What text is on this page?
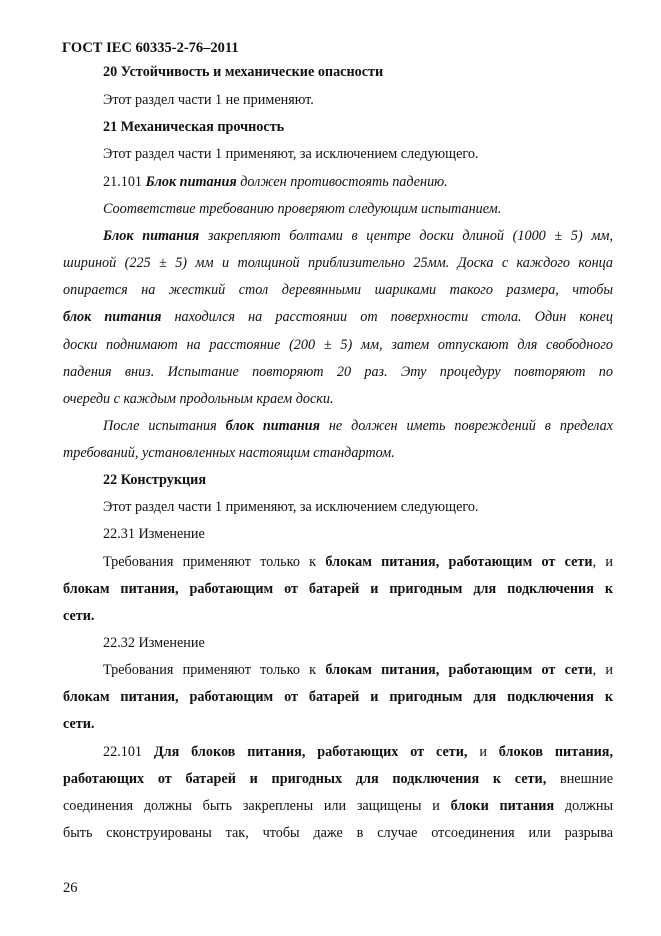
ГОСТ IEC 60335-2-76–2011
20 Устойчивость и механические опасности
Этот раздел части 1 не применяют.
21 Механическая прочность
Этот раздел части 1 применяют, за исключением следующего.
21.101 Блок питания должен противостоять падению.
Соответствие требованию проверяют следующим испытанием.
Блок питания закрепляют болтами в центре доски длиной (1000 ± 5) мм,
шириной (225 ± 5) мм и толщиной приблизительно 25мм. Доска с каждого конца
опирается на жесткий стол деревянными шариками такого размера, чтобы
блок питания находился на расстоянии от поверхности стола. Один конец
доски поднимают на расстояние (200 ± 5) мм, затем отпускают для свободного
падения вниз. Испытание повторяют 20 раз. Эту процедуру повторяют по
очереди с каждым продольным краем доски.
После испытания блок питания не должен иметь повреждений в пределах
требований, установленных настоящим стандартом.
22 Конструкция
Этот раздел части 1 применяют, за исключением следующего.
22.31 Изменение
Требования применяют только к блокам питания, работающим от сети, и
блокам питания, работающим от батарей и пригодным для подключения к
сети.
22.32 Изменение
Требования применяют только к блокам питания, работающим от сети, и
блокам питания, работающим от батарей и пригодным для подключения к
сети.
22.101 Для блоков питания, работающих от сети, и блоков питания,
работающих от батарей и пригодных для подключения к сети, внешние
соединения должны быть закреплены или защищены и блоки питания должны
быть сконструированы так, чтобы даже в случае отсоединения или разрыва
26
